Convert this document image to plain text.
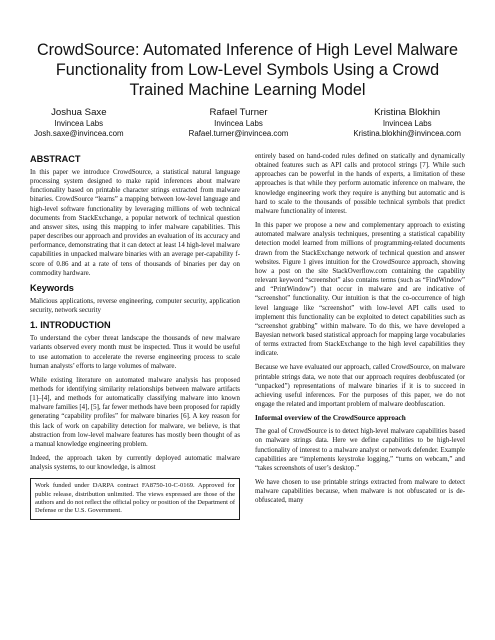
CrowdSource: Automated Inference of High Level Malware Functionality from Low-Level Symbols Using a Crowd Trained Machine Learning Model
Joshua Saxe
Invincea Labs
Josh.saxe@invincea.com
Rafael Turner
Invincea Labs
Rafael.turner@invincea.com
Kristina Blokhin
Invincea Labs
Kristina.blokhin@invincea.com
ABSTRACT

In this paper we introduce CrowdSource, a statistical natural language processing system designed to make rapid inferences about malware functionality based on printable character strings extracted from malware binaries. CrowdSource “learns” a mapping between low-level language and high-level software functionality by leveraging millions of web technical documents from StackExchange, a popular network of technical question and answer sites, using this mapping to infer malware capabilities. This paper describes our approach and provides an evaluation of its accuracy and performance, demonstrating that it can detect at least 14 high-level malware capabilities in unpacked malware binaries with an average per-capability f-score of 0.86 and at a rate of tens of thousands of binaries per day on commodity hardware.

Keywords

Malicious applications, reverse engineering, computer security, application security, network security

1. INTRODUCTION

To understand the cyber threat landscape the thousands of new malware variants observed every month must be inspected. Thus it would be useful to use automation to accelerate the reverse engineering process to scale human analysts’ efforts to large volumes of malware.

While existing literature on automated malware analysis has proposed methods for identifying similarity relationships between malware artifacts [1]–[4], and methods for automatically classifying malware into known malware families [4], [5], far fewer methods have been proposed for rapidly generating “capability profiles” for malware binaries [6]. A key reason for this lack of work on capability detection for malware, we believe, is that abstraction from low-level malware features has mostly been thought of as a manual knowledge engineering problem.

Indeed, the approach taken by currently deployed automatic malware analysis systems, to our knowledge, is almost

Work funded under DARPA contract FA8750-10-C-0169. Approved for public release, distribution unlimited. The views expressed are those of the authors and do not reflect the official policy or position of the Department of Defense or the U.S. Government.

entirely based on hand-coded rules defined on statically and dynamically obtained features such as API calls and protocol strings [7]. While such approaches can be powerful in the hands of experts, a limitation of these approaches is that while they perform automatic inference on malware, the knowledge engineering work they require is anything but automatic and is hard to scale to the thousands of possible technical symbols that predict malware functionality of interest.

In this paper we propose a new and complementary approach to existing automated malware analysis techniques, presenting a statistical capability detection model learned from millions of programming-related documents drawn from the StackExchange network of technical question and answer websites. Figure 1 gives intuition for the CrowdSource approach, showing how a post on the site StackOverflow.com containing the capability relevant keyword “screenshot” also contains terms (such as “FindWindow” and “PrintWindow”) that occur in malware and are indicative of “screenshot” functionality. Our intuition is that the co-occurrence of high level language like “screenshot” with low-level API calls used to implement this functionality can be exploited to detect capabilities such as “screenshot grabbing” within malware. To do this, we have developed a Bayesian network based statistical approach for mapping large vocabularies of terms extracted from StackExchange to the high level capabilities they indicate.

Because we have evaluated our approach, called CrowdSource, on malware printable strings data, we note that our approach requires deobfuscated (or “unpacked”) representations of malware binaries if it is to succeed in achieving useful inferences. For the purposes of this paper, we do not engage the related and important problem of malware deobfuscation.

Informal overview of the CrowdSource approach

The goal of CrowdSource is to detect high-level malware capabilities based on malware strings data. Here we define capabilities to be high-level functionality of interest to a malware analyst or network defender. Example capabilities are “implements keystroke logging,” “turns on webcam,” and “takes screenshots of user’s desktop.”

We have chosen to use printable strings extracted from malware to detect malware capabilities because, when malware is not obfuscated or is de-obfuscated, many
